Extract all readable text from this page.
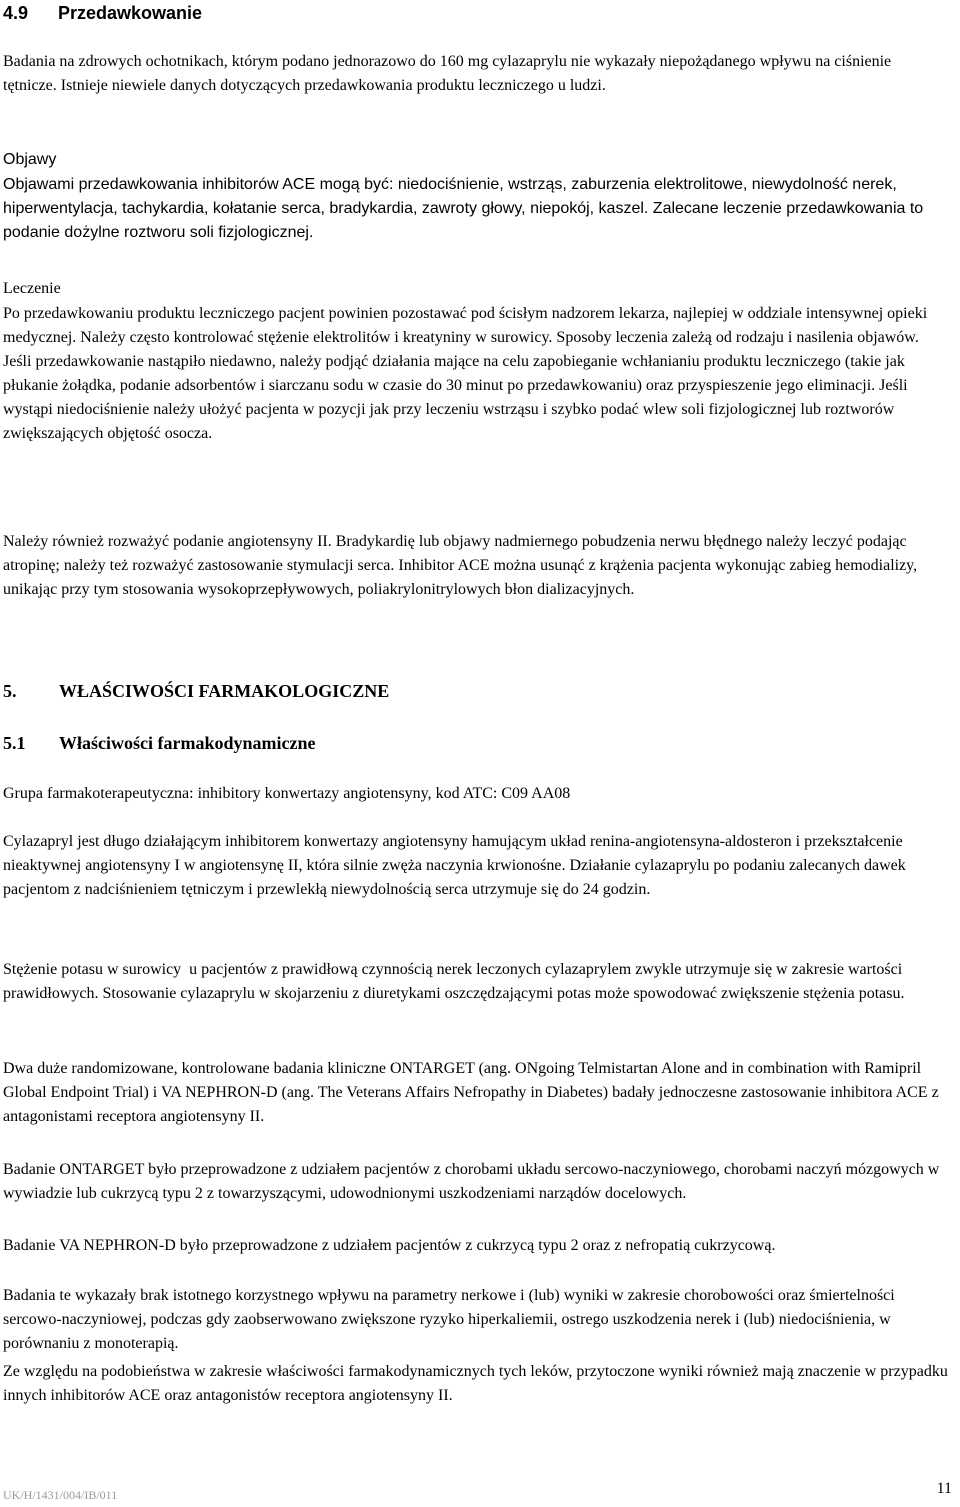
4.9 Przedawkowanie

Badania na zdrowych ochotnikach, którym podano jednorazowo do 160 mg cylazaprylu nie wykazały niepożądanego wpływu na ciśnienie tętnicze. Istnieje niewiele danych dotyczących przedawkowania produktu leczniczego u ludzi.

Objawy

Objawami przedawkowania inhibitorów ACE mogą być: niedociśnienie, wstrząs, zaburzenia elektrolitowe, niewydolność nerek, hiperwentylacja, tachykardia, kołatanie serca, bradykardia, zawroty głowy, niepokój, kaszel. Zalecane leczenie przedawkowania to podanie dożylne roztworu soli fizjologicznej.

Leczenie

Po przedawkowaniu produktu leczniczego pacjent powinien pozostawać pod ścisłym nadzorem lekarza, najlepiej w oddziale intensywnej opieki medycznej. Należy często kontrolować stężenie elektrolitów i kreatyniny w surowicy. Sposoby leczenia zależą od rodzaju i nasilenia objawów. Jeśli przedawkowanie nastąpiło niedawno, należy podjąć działania mające na celu zapobieganie wchłanianiu produktu leczniczego (takie jak płukanie żołądka, podanie adsorbentów i siarczanu sodu w czasie do 30 minut po przedawkowaniu) oraz przyspieszenie jego eliminacji. Jeśli wystąpi niedociśnienie należy ułożyć pacjenta w pozycji jak przy leczeniu wstrząsu i szybko podać wlew soli fizjologicznej lub roztworów zwiększających objętość osocza.

Należy również rozważyć podanie angiotensyny II. Bradykardię lub objawy nadmiernego pobudzenia nerwu błędnego należy leczyć podając atropinę; należy też rozważyć zastosowanie stymulacji serca. Inhibitor ACE można usunąć z krążenia pacjenta wykonując zabieg hemodializy, unikając przy tym stosowania wysokoprzepływowych, poliakrylonitrylowych błon dializacyjnych.

5. WŁAŚCIWOŚCI FARMAKOLOGICZNE
5.1 Właściwości farmakodynamiczne

Grupa farmakoterapeutyczna: inhibitory konwertazy angiotensyny, kod ATC: C09 AA08

Cylazapryl jest długo działającym inhibitorem konwertazy angiotensyny hamującym układ renina-angiotensyna-aldosteron i przekształcenie nieaktywnej angiotensyny I w angiotensynę II, która silnie zwęża naczynia krwionośne. Działanie cylazaprylu po podaniu zalecanych dawek pacjentom z nadciśnieniem tętniczym i przewlekłą niewydolnością serca utrzymuje się do 24 godzin.

Stężenie potasu w surowicy  u pacjentów z prawidłową czynnością nerek leczonych cylazaprylem zwykle utrzymuje się w zakresie wartości prawidłowych. Stosowanie cylazaprylu w skojarzeniu z diuretykami oszczędzającymi potas może spowodować zwiększenie stężenia potasu.

Dwa duże randomizowane, kontrolowane badania kliniczne ONTARGET (ang. ONgoing Telmistartan Alone and in combination with Ramipril Global Endpoint Trial) i VA NEPHRON-D (ang. The Veterans Affairs Nefropathy in Diabetes) badały jednoczesne zastosowanie inhibitora ACE z antagonistami receptora angiotensyny II.

Badanie ONTARGET było przeprowadzone z udziałem pacjentów z chorobami układu sercowo-naczyniowego, chorobami naczyń mózgowych w wywiadzie lub cukrzycą typu 2 z towarzyszącymi, udowodnionymi uszkodzeniami narządów docelowych.

Badanie VA NEPHRON-D było przeprowadzone z udziałem pacjentów z cukrzycą typu 2 oraz z nefropatią cukrzycową.

Badania te wykazały brak istotnego korzystnego wpływu na parametry nerkowe i (lub) wyniki w zakresie chorobowości oraz śmiertelności sercowo-naczyniowej, podczas gdy zaobserwowano zwiększone ryzyko hiperkaliemii, ostrego uszkodzenia nerek i (lub) niedociśnienia, w porównaniu z monoterapią.

Ze względu na podobieństwa w zakresie właściwości farmakodynamicznych tych leków, przytoczone wyniki również mają znaczenie w przypadku innych inhibitorów ACE oraz antagonistów receptora angiotensyny II.

UK/H/1431/004/IB/011	11
